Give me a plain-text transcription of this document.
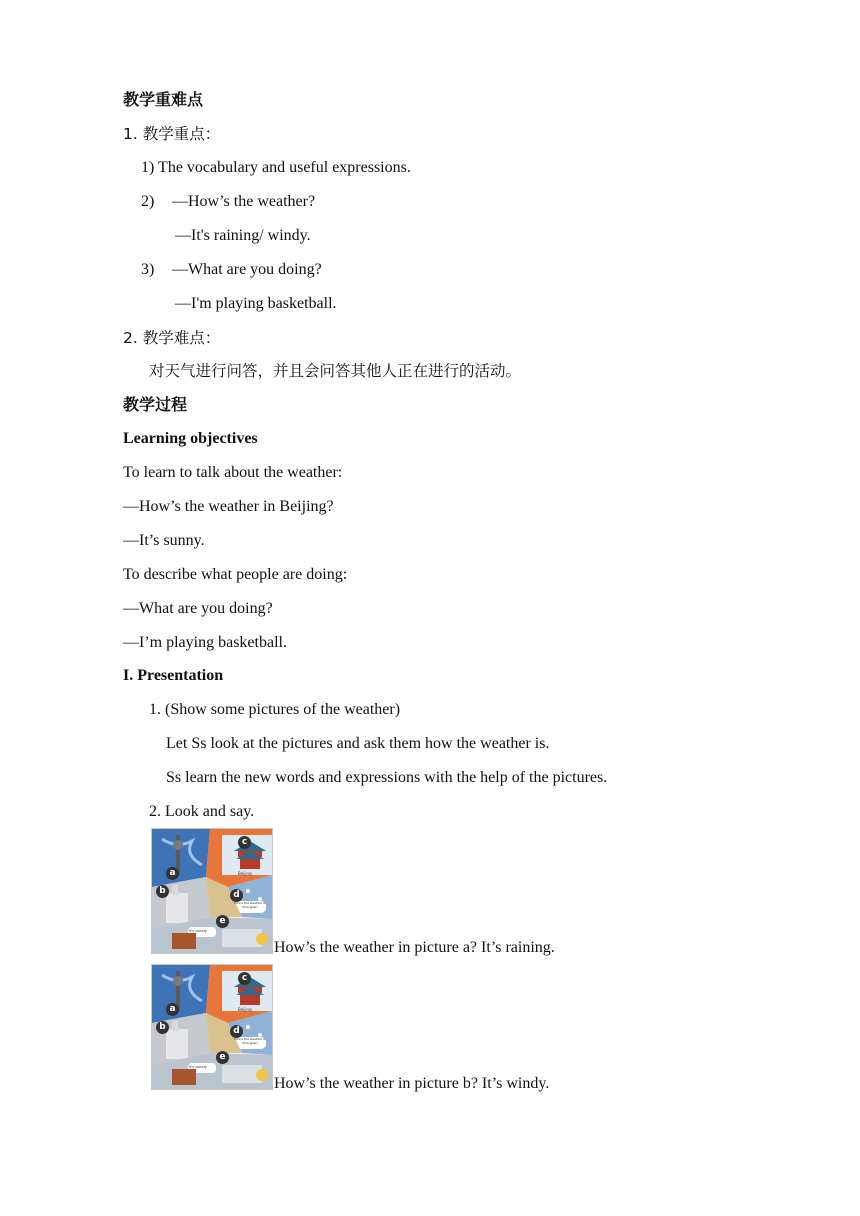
教学重难点
1. 教学重点：
1) The vocabulary and useful expressions.
2) —How’s the weather?
—It's raining/ windy.
3) —What are you doing?
—I'm playing basketball.
2. 教学难点：
对天气进行问答，并且会问答其他人正在进行的活动。
教学过程
Learning objectives
To learn to talk about the weather:
—How’s the weather in Beijing?
—It’s sunny.
To describe what people are doing:
—What are you doing?
—I’m playing basketball.
I. Presentation
1. (Show some pictures of the weather)
Let Ss look at the pictures and ask them how the weather is.
Ss learn the new words and expressions with the help of the pictures.
2. Look and say.
c
a
b	d
e
Beijing
How's the weather in Shanghai?
It's cloudy.
How’s the weather in picture a? It’s raining.
c
a
b	d
e
Beijing
How's the weather in Shanghai?
It's cloudy.
How’s the weather in picture b? It’s windy.
